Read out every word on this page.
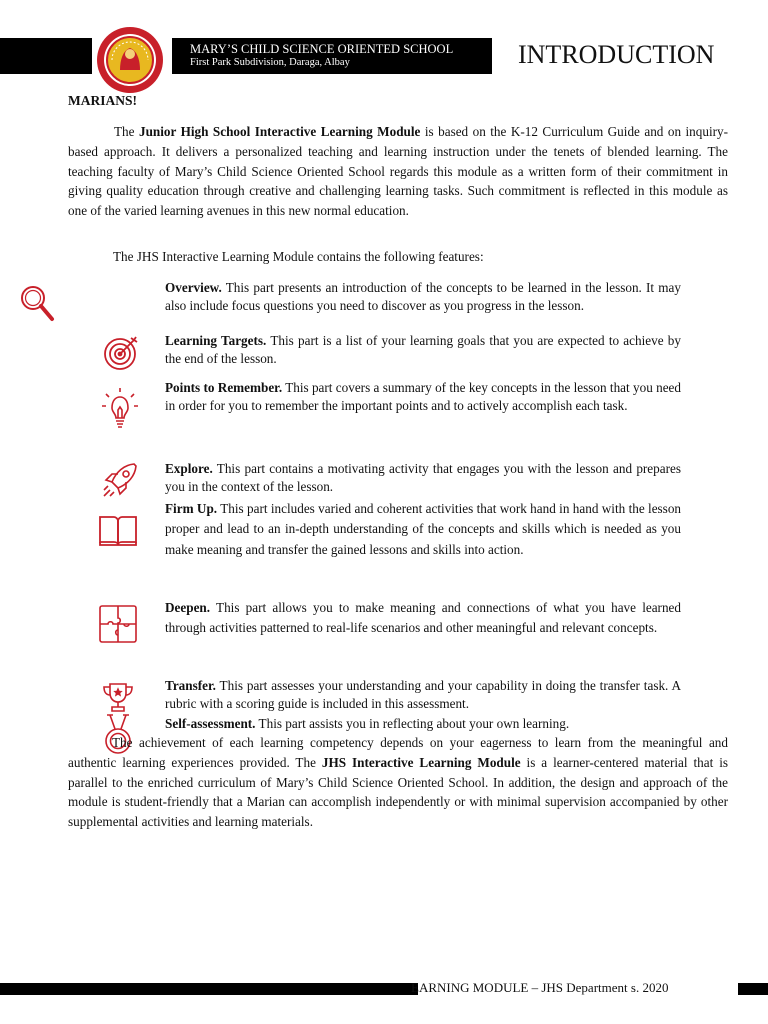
MARY’S CHILD SCIENCE ORIENTED SCHOOL
First Park Subdivision, Daraga, Albay	INTRODUCTION
MARIANS!

The Junior High School Interactive Learning Module is based on the K-12 Curriculum Guide and on inquiry-based approach. It delivers a personalized teaching and learning instruction under the tenets of blended learning. The teaching faculty of Mary’s Child Science Oriented School regards this module as a written form of their commitment in giving quality education through creative and challenging learning tasks. Such commitment is reflected in this module as one of the varied learning avenues in this new normal education.

The JHS Interactive Learning Module contains the following features:

Overview. This part presents an introduction of the concepts to be learned in the lesson. It may also include focus questions you need to discover as you progress in the lesson.

Learning Targets. This part is a list of your learning goals that you are expected to achieve by the end of the lesson.

Points to Remember. This part covers a summary of the key concepts in the lesson that you need in order for you to remember the important points and to actively accomplish each task.

Explore. This part contains a motivating activity that engages you with the lesson and prepares you in the context of the lesson.

Firm Up. This part includes varied and coherent activities that work hand in hand with the lesson proper and lead to an in-depth understanding of the concepts and skills which is needed as you make meaning and transfer the gained lessons and skills into action.

Deepen. This part allows you to make meaning and connections of what you have learned through activities patterned to real-life scenarios and other meaningful and relevant concepts.

Transfer. This part assesses your understanding and your capability in doing the transfer task. A rubric with a scoring guide is included in this assessment.

Self-assessment. This part assists you in reflecting about your own learning.

The achievement of each learning competency depends on your eagerness to learn from the meaningful and authentic learning experiences provided. The JHS Interactive Learning Module is a learner-centered material that is parallel to the enriched curriculum of Mary’s Child Science Oriented School. In addition, the design and approach of the module is student-friendly that a Marian can accomplish independently or with minimal supervision accompanied by other supplemental activities and learning materials.

EARNING MODULE – JHS Department s. 2020
